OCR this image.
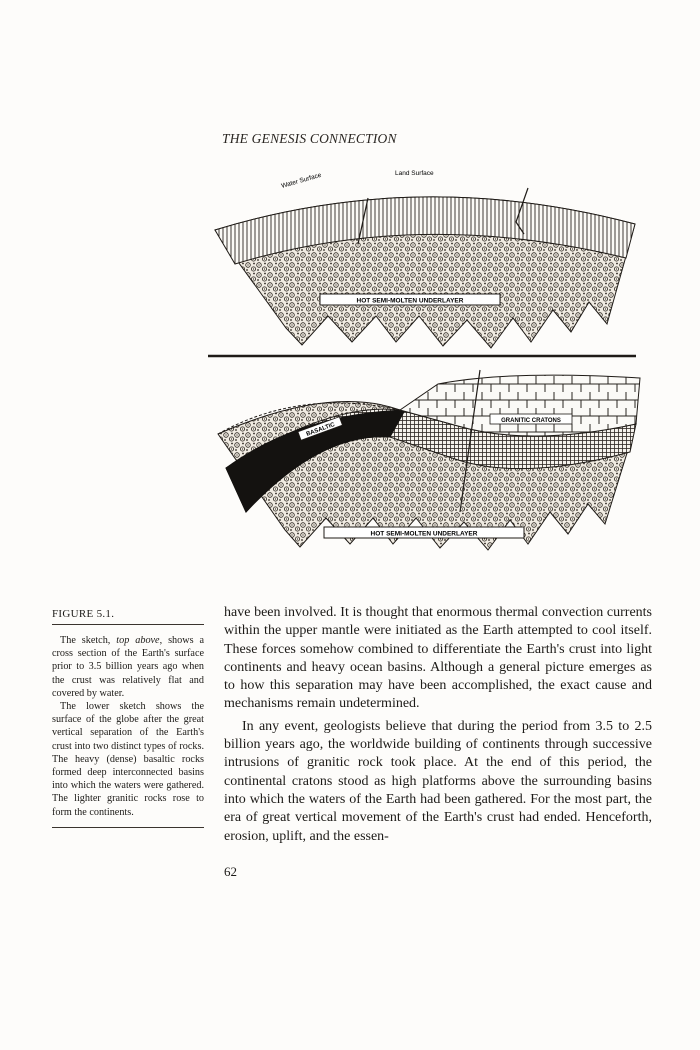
THE GENESIS CONNECTION
Water Surface	Land Surface
HOT SEMI-MOLTEN UNDERLAYER
BASALTIC
GRANITIC CRATONS
HOT SEMI-MOLTEN UNDERLAYER
FIGURE 5.1.

The sketch, top above, shows a cross section of the Earth's surface prior to 3.5 billion years ago when the crust was relatively flat and covered by water.

The lower sketch shows the surface of the globe after the great vertical separation of the Earth's crust into two distinct types of rocks. The heavy (dense) basaltic rocks formed deep interconnected basins into which the waters were gathered. The lighter granitic rocks rose to form the continents.

have been involved. It is thought that enormous thermal convection currents within the upper mantle were initiated as the Earth attempted to cool itself. These forces somehow combined to differentiate the Earth's crust into light continents and heavy ocean basins. Although a general picture emerges as to how this separation may have been accomplished, the exact cause and mechanisms remain undetermined.

In any event, geologists believe that during the period from 3.5 to 2.5 billion years ago, the worldwide building of continents through successive intrusions of granitic rock took place. At the end of this period, the continental cratons stood as high platforms above the surrounding basins into which the waters of the Earth had been gathered. For the most part, the era of great vertical movement of the Earth's crust had ended. Henceforth, erosion, uplift, and the essen-

62
